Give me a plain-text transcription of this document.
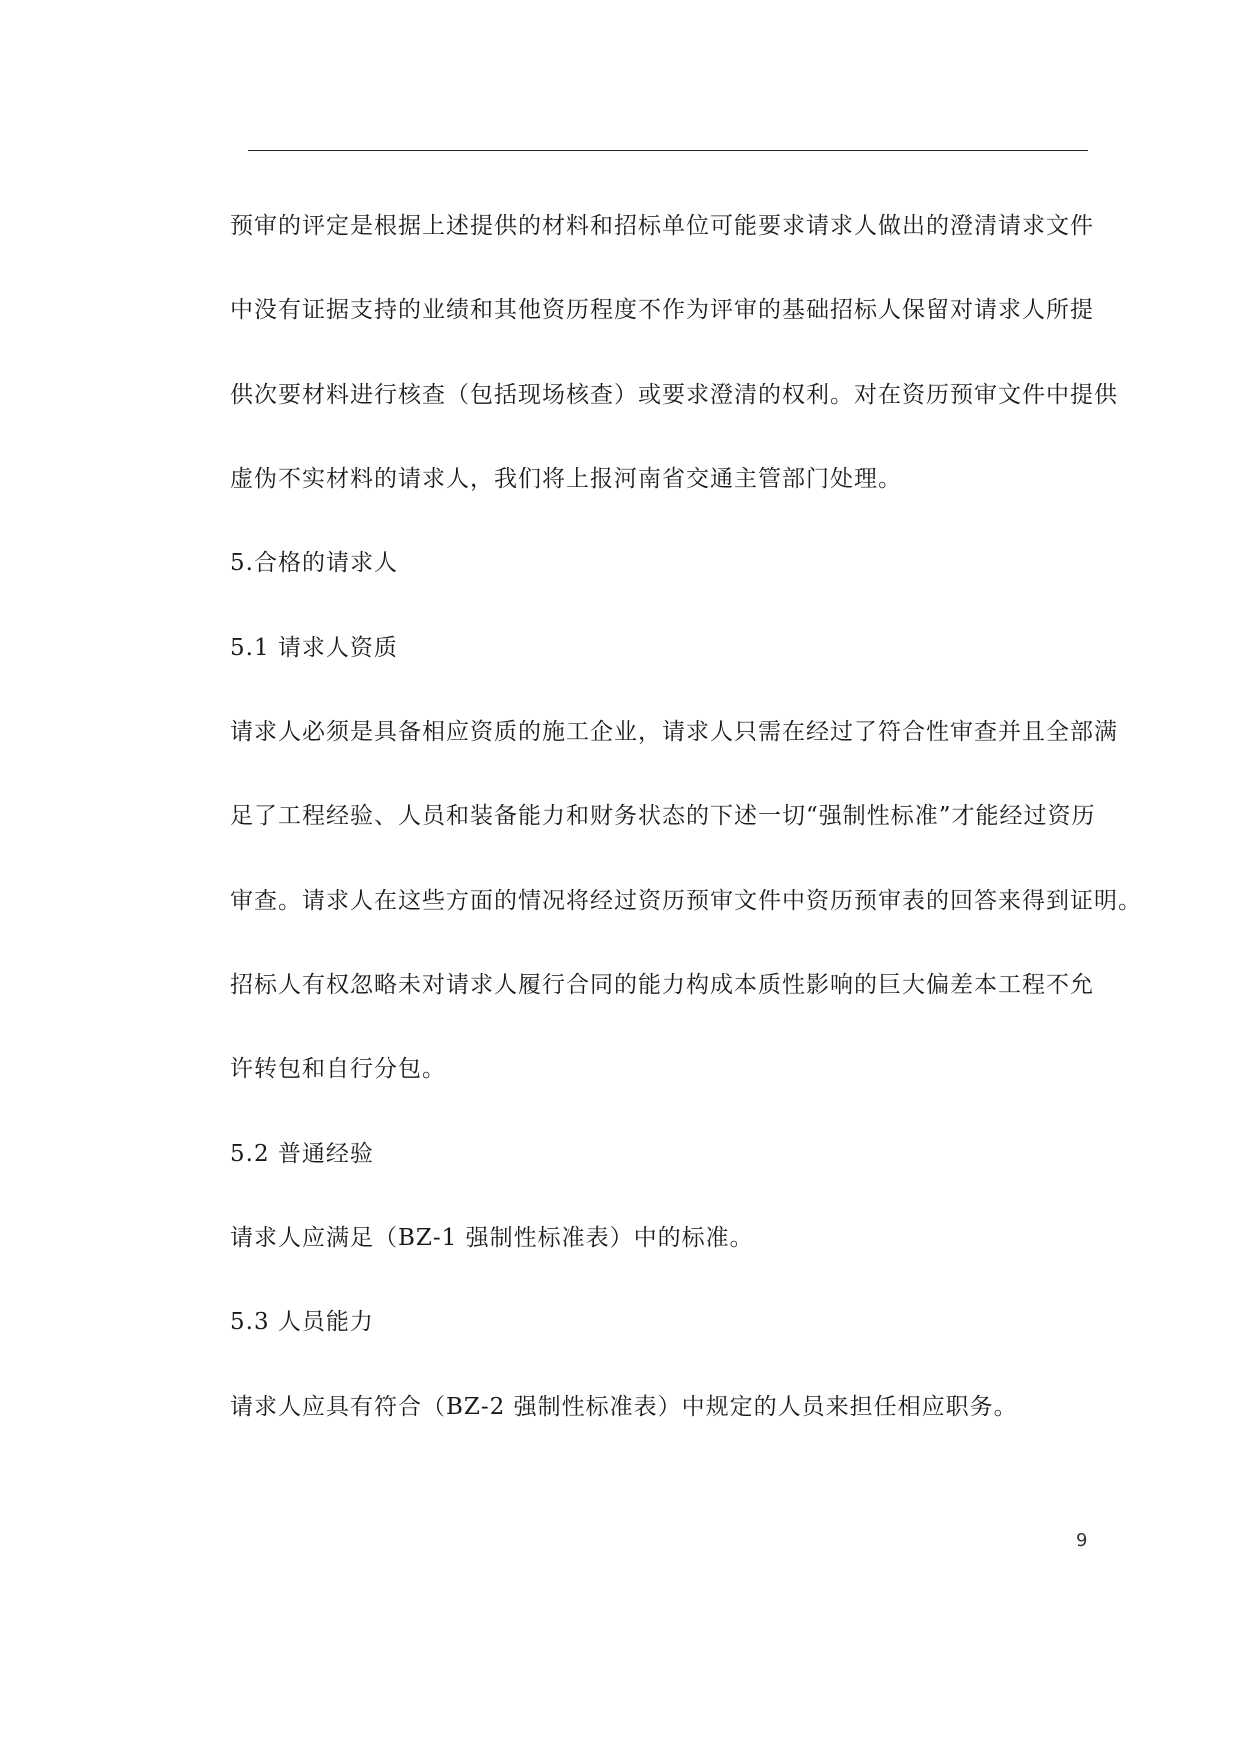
预审的评定是根据上述提供的材料和招标单位可能要求请求人做出的澄清请求文件
中没有证据支持的业绩和其他资历程度不作为评审的基础招标人保留对请求人所提
供次要材料进行核查（包括现场核查）或要求澄清的权利。对在资历预审文件中提供
虚伪不实材料的请求人，我们将上报河南省交通主管部门处理。
5.合格的请求人
5.1 请求人资质
请求人必须是具备相应资质的施工企业，请求人只需在经过了符合性审查并且全部满
足了工程经验、人员和装备能力和财务状态的下述一切“强制性标准”才能经过资历
审查。请求人在这些方面的情况将经过资历预审文件中资历预审表的回答来得到证明。
招标人有权忽略未对请求人履行合同的能力构成本质性影响的巨大偏差本工程不允
许转包和自行分包。
5.2 普通经验
请求人应满足（BZ-1 强制性标准表）中的标准。
5.3 人员能力
请求人应具有符合（BZ-2 强制性标准表）中规定的人员来担任相应职务。
9
